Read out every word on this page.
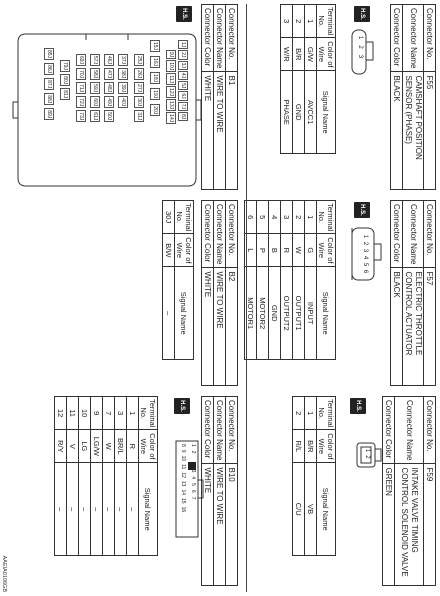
Connector No.	F55
Connector Name	CAMSHAFT POSITION SENSOR (PHASE)
Connector Color	BLACK
H.S.
1
2
3
Terminal No.	Color of Wire	Signal Name
1	G/W	AVCC1
2	B/R	GND
3	W/R	PHASE
Connector No.	F57
Connector Name	ELECTRIC THROTTLE CONTROL ACTUATOR
Connector Color	BLACK
H.S.
1
2
3
4
5
6
Terminal No.	Color of Wire	Signal Name
1	G	INPUT
2	W	OUTPUT1
3	R	OUTPUT2
4	B	GND
5	P	MOTOR2
6	L	MOTOR1
Connector No.	F59
Connector Name	INTAKE VALVE TIMING CONTROL SOLENOID VALVE
Connector Color	GREEN
H.S.
1
2
Terminal No.	Color of Wire	Signal Name
1	B/R	VB
2	R/L	C/U
Connector No.	B1
Connector Name	WIRE TO WIRE
Connector Color	WHITE
H.S.
1J
2J
3J
4J
5J
6J
7J
8J
9J
10J
11J
12J
13J
14J
15J
16J
18J
19J
20J
25J
26J
27J
30J
31J
37J
38J
39J
40J
46J
47J
48J
49J
50J
57J
58J
59J
60J
61J
69J
70J
71J
72J
73J
79J
80J
81J
85J
86J
87J
88J
89J
Connector No.	B2
Connector Name	WIRE TO WIRE
Connector Color	WHITE
Terminal No.	Color of Wire	Signal Name
30J	B/W	–
Connector No.	B10
Connector Name	WIRE TO WIRE
Connector Color	WHITE
H.S.
1
2
3
4
5
6
7
8
9
10
11
12
13
14
15
16
Terminal No.	Color of Wire	Signal Name
1	R	–
3	BR/L	–
7	W	–
9	LG/W	–
10	LG	–
11	V	–
12	R/Y	–
AAEIA0106GB
